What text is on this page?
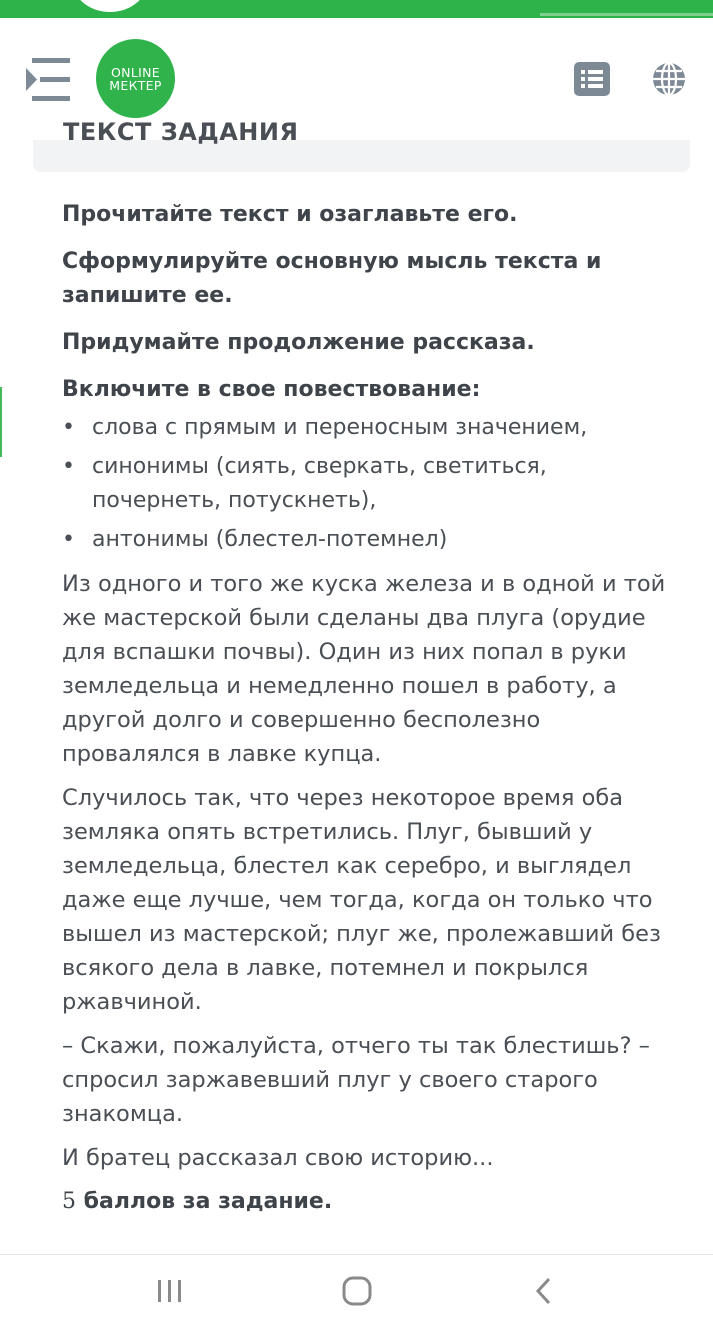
ONLINE
МЕКТЕР
ТЕКСТ ЗАДАНИЯ
Прочитайте текст и озаглавьте его.
Сформулируйте основную мысль текста и запишите ее.
Придумайте продолжение рассказа.
Включите в свое повествование:
• слова с прямым и переносным значением,
• синонимы (сиять, сверкать, светиться, почернеть, потускнеть),
• антонимы (блестел-потемнел)
Из одного и того же куска железа и в одной и той же мастерской были сделаны два плуга (орудие для вспашки почвы). Один из них попал в руки земледельца и немедленно пошел в работу, а другой долго и совершенно бесполезно провалялся в лавке купца.
Случилось так, что через некоторое время оба земляка опять встретились. Плуг, бывший у земледельца, блестел как серебро, и выглядел даже еще лучше, чем тогда, когда он только что вышел из мастерской; плуг же, пролежавший без всякого дела в лавке, потемнел и покрылся ржавчиной.
– Скажи, пожалуйста, отчего ты так блестишь? – спросил заржавевший плуг у своего старого знакомца.
И братец рассказал свою историю...
5 баллов за задание.
